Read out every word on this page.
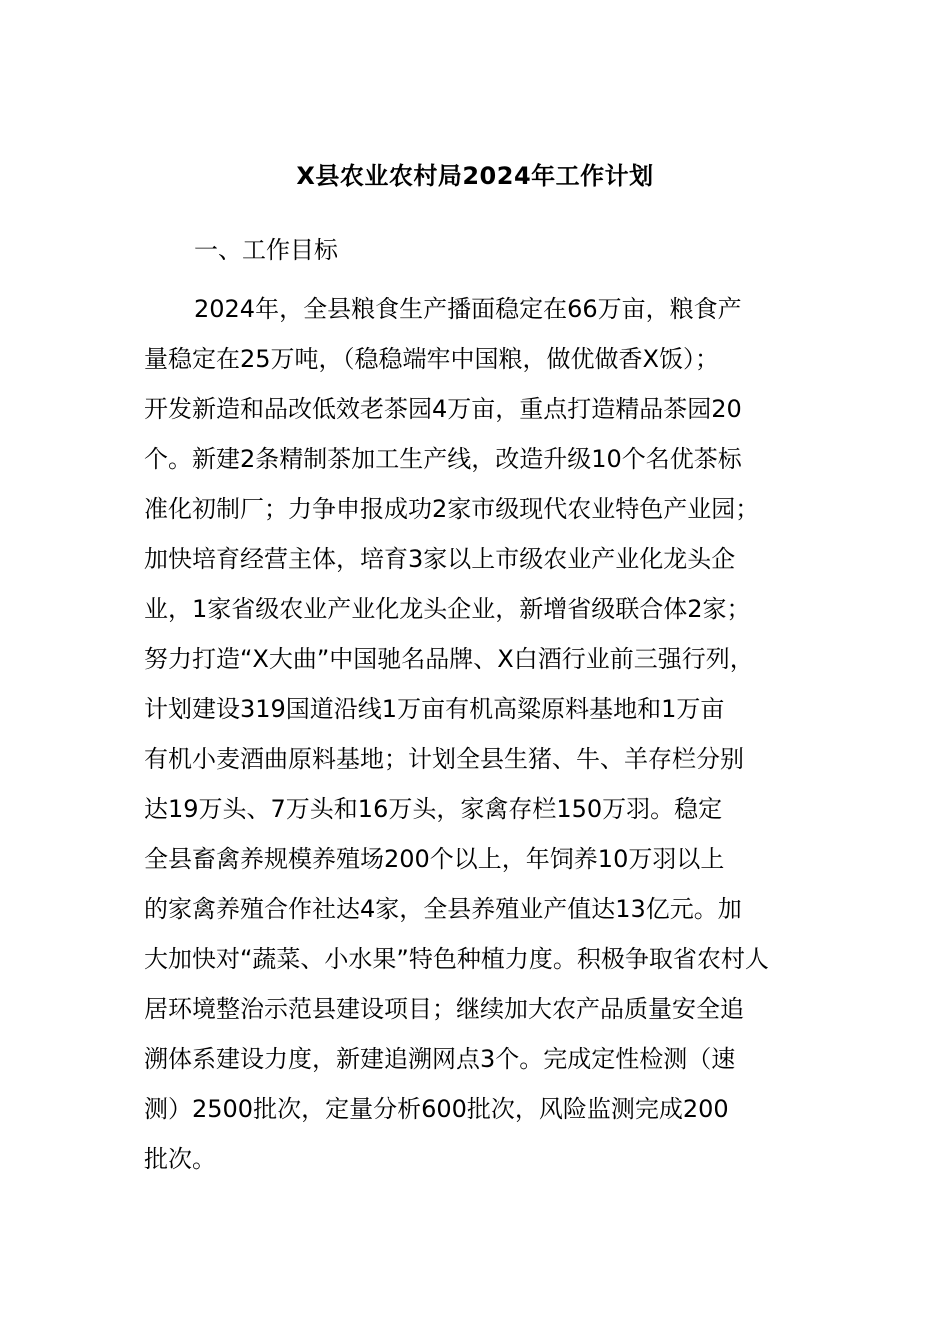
X县农业农村局2024年工作计划
一、工作目标
2024年，全县粮食生产播面稳定在66万亩，粮食产
量稳定在25万吨，（稳稳端牢中国粮，做优做香X饭）；
开发新造和品改低效老茶园4万亩，重点打造精品茶园20
个。新建2条精制茶加工生产线，改造升级10个名优茶标
准化初制厂；力争申报成功2家市级现代农业特色产业园；
加快培育经营主体，培育3家以上市级农业产业化龙头企
业，1家省级农业产业化龙头企业，新增省级联合体2家；
努力打造“X大曲”中国驰名品牌、X白酒行业前三强行列，
计划建设319国道沿线1万亩有机高粱原料基地和1万亩
有机小麦酒曲原料基地；计划全县生猪、牛、羊存栏分别
达19万头、7万头和16万头，家禽存栏150万羽。稳定
全县畜禽养规模养殖场200个以上，年饲养10万羽以上
的家禽养殖合作社达4家，全县养殖业产值达13亿元。加
大加快对“蔬菜、小水果”特色种植力度。积极争取省农村人
居环境整治示范县建设项目；继续加大农产品质量安全追
溯体系建设力度，新建追溯网点3个。完成定性检测（速
测）2500批次，定量分析600批次，风险监测完成200
批次。
